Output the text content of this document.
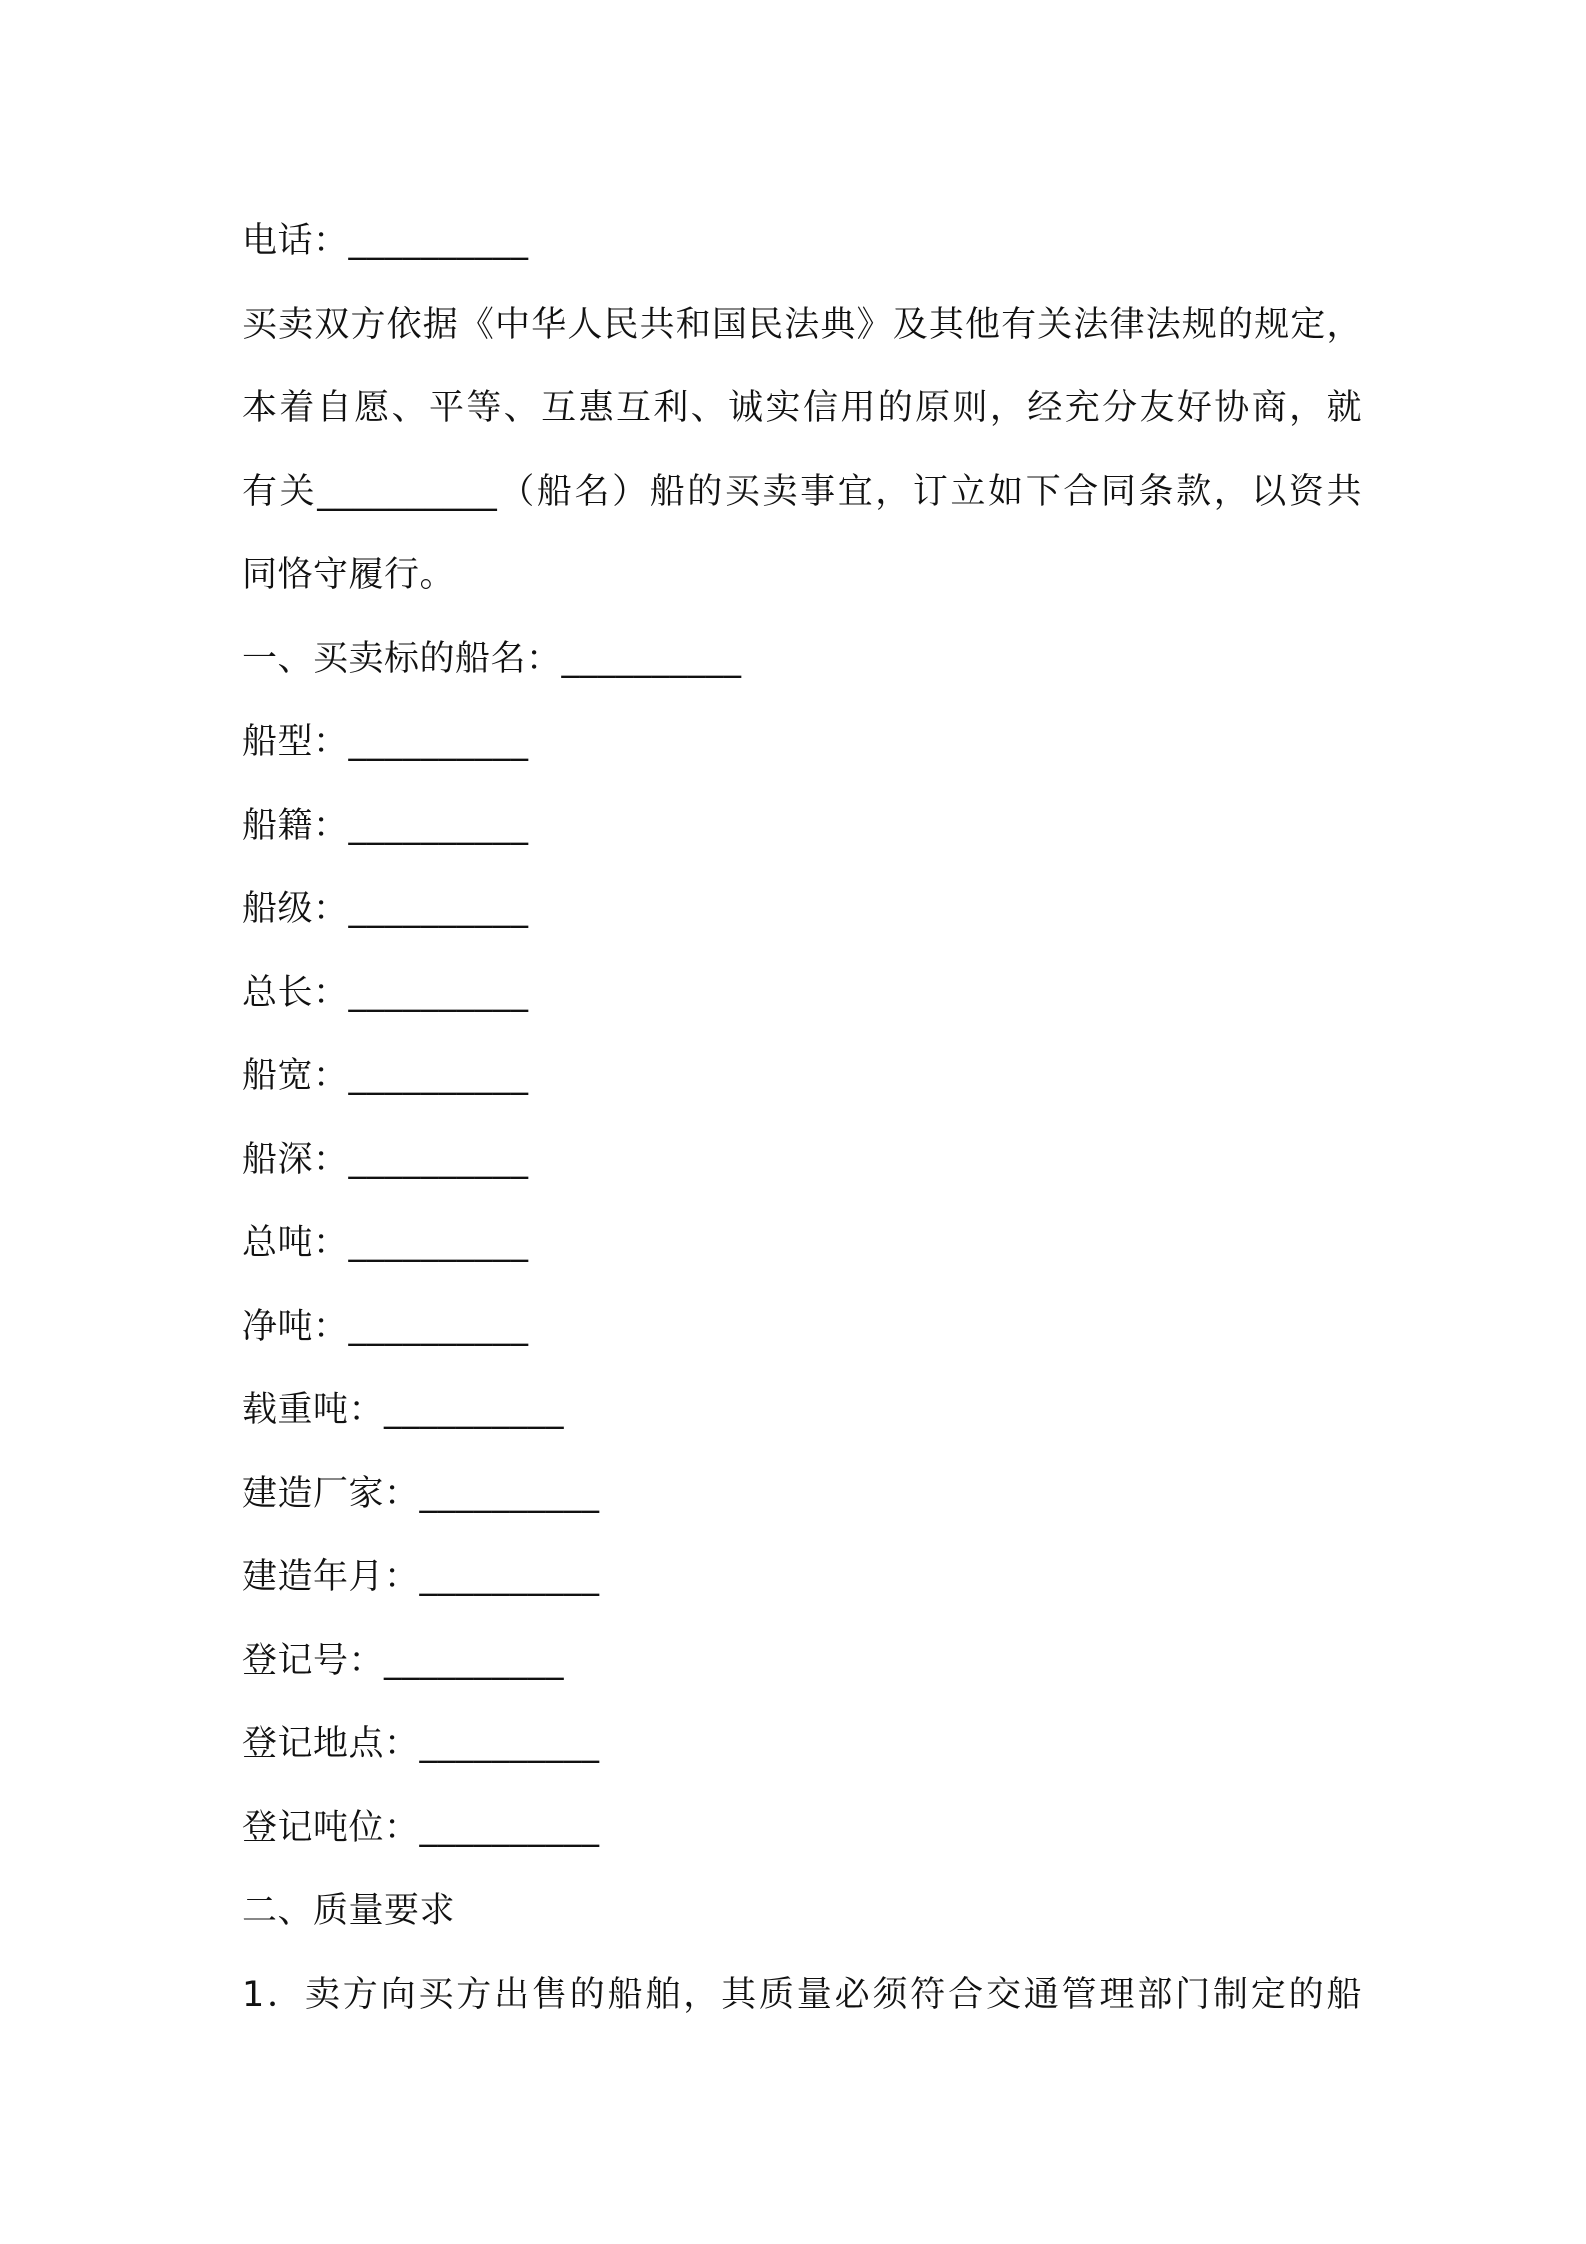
电话：__________
买卖双方依据《中华人民共和国民法典》及其他有关法律法规的规定，
本着自愿、平等、互惠互利、诚实信用的原则，经充分友好协商，就
有关__________（船名）船的买卖事宜，订立如下合同条款，以资共
同恪守履行。
一、买卖标的船名：__________
船型：__________
船籍：__________
船级：__________
总长：__________
船宽：__________
船深：__________
总吨：__________
净吨：__________
载重吨：__________
建造厂家：__________
建造年月：__________
登记号：__________
登记地点：__________
登记吨位：__________
二、质量要求
1．卖方向买方出售的船舶，其质量必须符合交通管理部门制定的船
